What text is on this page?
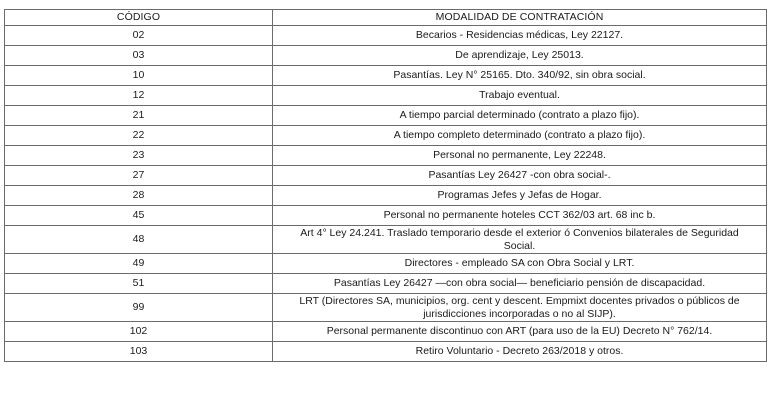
CÓDIGO	MODALIDAD DE CONTRATACIÓN
02	Becarios - Residencias médicas, Ley 22127.
03	De aprendizaje, Ley 25013.
10	Pasantías. Ley N° 25165. Dto. 340/92, sin obra social.
12	Trabajo eventual.
21	A tiempo parcial determinado (contrato a plazo fijo).
22	A tiempo completo determinado (contrato a plazo fijo).
23	Personal no permanente, Ley 22248.
27	Pasantías Ley 26427 -con obra social-.
28	Programas Jefes y Jefas de Hogar.
45	Personal no permanente hoteles CCT 362/03 art. 68 inc b.
48	Art 4° Ley 24.241. Traslado temporario desde el exterior ó Convenios bilaterales de Seguridad Social.
49	Directores - empleado SA con Obra Social y LRT.
51	Pasantías Ley 26427 —con obra social— beneficiario pensión de discapacidad.
99	LRT (Directores SA, municipios, org. cent y descent. Empmixt docentes privados o públicos de jurisdicciones incorporadas o no al SIJP).
102	Personal permanente discontinuo con ART (para uso de la EU) Decreto N° 762/14.
103	Retiro Voluntario - Decreto 263/2018 y otros.
